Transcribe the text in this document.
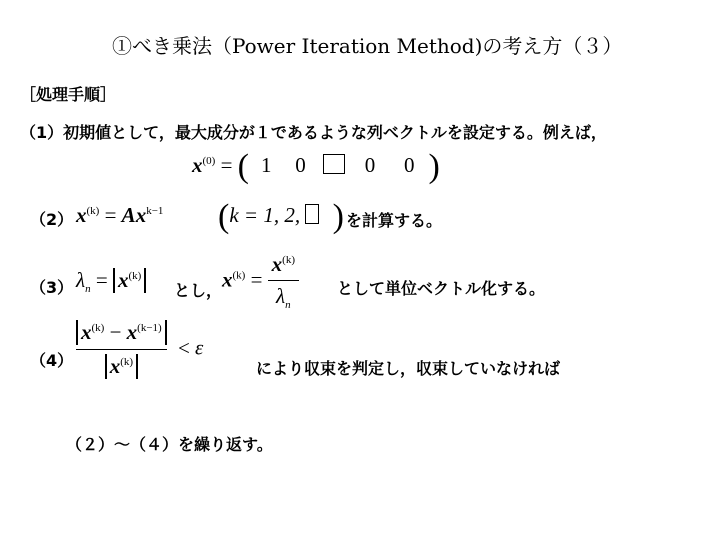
①べき乗法（Power Iteration Method)の考え方（３）
［処理手順］
（1）初期値として，最大成分が１であるような列ベクトルを設定する。例えば，
$x^{(0)}$ = ( 1 0	0 0 )
（2） $x^{(k)} = Ax^{k-1}$ (k = 1, 2, ) を計算する。
（3） $\lambda_n = x^{(k)}$
とし， $x^{(k)} = \frac{x^{(k)}}{\lambda_n}$ として単位ベクトル化する。
$(4) \frac{x^{(k)} - x^{(k-1)}}{x^{(k)}} < \varepsilon$
により収束を判定し，収束していなければ
（２）～（４）を繰り返す。
